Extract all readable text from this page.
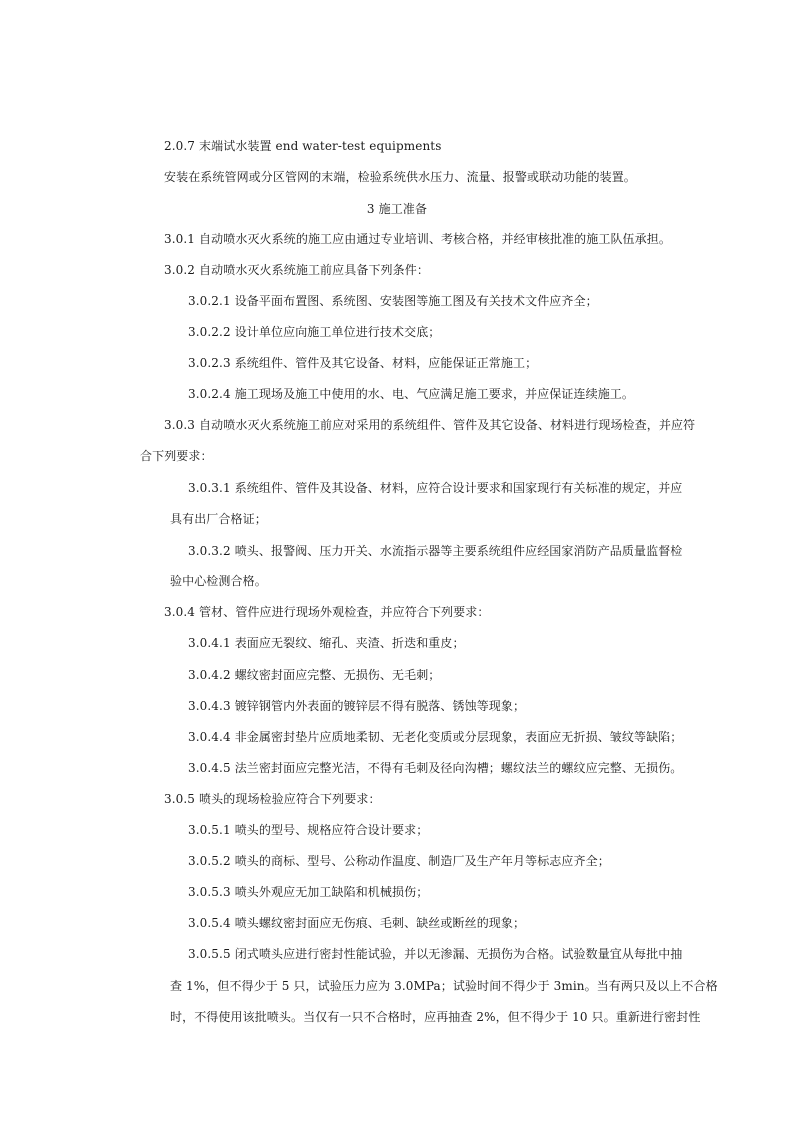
2.0.7 末端试水装置 end water-test equipments
安装在系统管网或分区管网的末端，检验系统供水压力、流量、报警或联动功能的装置。
3 施工准备
3.0.1 自动喷水灭火系统的施工应由通过专业培训、考核合格，并经审核批准的施工队伍承担。
3.0.2 自动喷水灭火系统施工前应具备下列条件：
3.0.2.1 设备平面布置图、系统图、安装图等施工图及有关技术文件应齐全；
3.0.2.2 设计单位应向施工单位进行技术交底；
3.0.2.3 系统组件、管件及其它设备、材料，应能保证正常施工；
3.0.2.4 施工现场及施工中使用的水、电、气应满足施工要求，并应保证连续施工。
3.0.3 自动喷水灭火系统施工前应对采用的系统组件、管件及其它设备、材料进行现场检查，并应符
合下列要求：
3.0.3.1 系统组件、管件及其设备、材料，应符合设计要求和国家现行有关标准的规定，并应
具有出厂合格证；
3.0.3.2 喷头、报警阀、压力开关、水流指示器等主要系统组件应经国家消防产品质量监督检
验中心检测合格。
3.0.4 管材、管件应进行现场外观检查，并应符合下列要求：
3.0.4.1 表面应无裂纹、缩孔、夹渣、折迭和重皮；
3.0.4.2 螺纹密封面应完整、无损伤、无毛刺；
3.0.4.3 镀锌钢管内外表面的镀锌层不得有脱落、锈蚀等现象；
3.0.4.4 非金属密封垫片应质地柔韧、无老化变质或分层现象，表面应无折损、皱纹等缺陷；
3.0.4.5 法兰密封面应完整光洁，不得有毛刺及径向沟槽；螺纹法兰的螺纹应完整、无损伤。
3.0.5 喷头的现场检验应符合下列要求：
3.0.5.1 喷头的型号、规格应符合设计要求；
3.0.5.2 喷头的商标、型号、公称动作温度、制造厂及生产年月等标志应齐全；
3.0.5.3 喷头外观应无加工缺陷和机械损伤；
3.0.5.4 喷头螺纹密封面应无伤痕、毛刺、缺丝或断丝的现象；
3.0.5.5 闭式喷头应进行密封性能试验，并以无渗漏、无损伤为合格。试验数量宜从每批中抽
查 1%，但不得少于 5 只，试验压力应为 3.0MPa；试验时间不得少于 3min。当有两只及以上不合格
时，不得使用该批喷头。当仅有一只不合格时，应再抽查 2%，但不得少于 10 只。重新进行密封性
